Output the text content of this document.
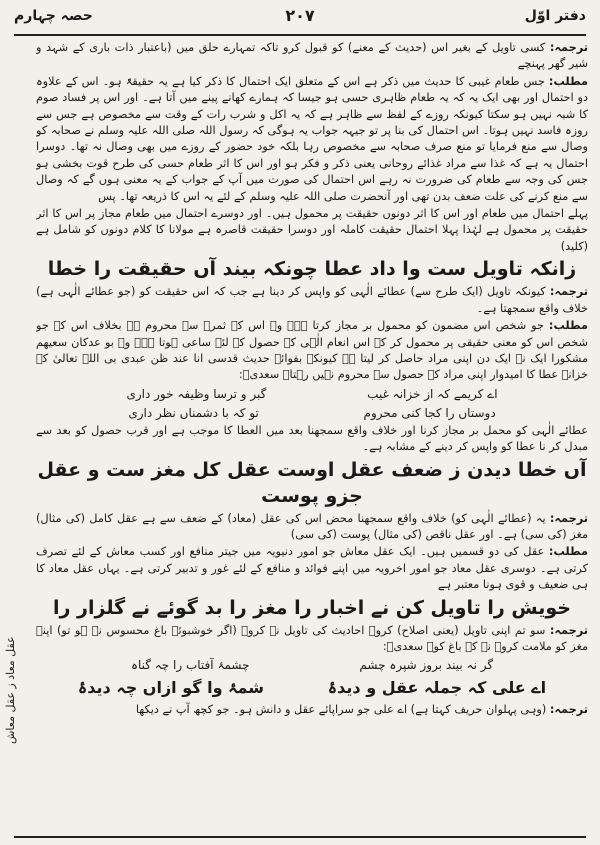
دفتر اوّل
۲۰۷
حصہ چہارم

ترجمہ: کسی تاویل کے بغیر اس (حدیث کے معنے) کو قبول کرو تاکہ تمہارے حلق میں (باعتبار ذات باری کے شہد و شیر گھر پہنچے

مطلب: جس طعام غیبی کا حدیث میں ذکر ہے اس کے متعلق ایک احتمال کا ذکر کیا ہے یہ حقیقۃً ہو۔ اس کے علاوہ دو احتمال اور بھی ایک یہ کہ یہ طعام ظاہری حسی ہو جیسا کہ ہمارے کھانے پینے میں آتا ہے۔ اور اس پر فساد صوم کا شبہ نہیں ہو سکتا کیونکہ روزے کے لفظ سے ظاہر ہے کہ یہ اکل و شرب رات کے وقت سے مخصوص ہے جس سے روزہ فاسد نہیں ہوتا۔ اس احتمال کی بنا پر تو جیہہ جواب یہ ہوگی کہ رسول اللہ صلی اللہ علیہ وسلم نے صحابہ کو وصال سے منع فرمایا تو منع صرف صحابہ سے مخصوص رہا بلکہ خود حضور کے روزے میں بھی وصال نہ تھا۔ دوسرا احتمال یہ ہے کہ غذا سے مراد غذائے روحانی یعنی ذکر و فکر ہو اور اس کا اثر طعام حسی کی طرح قوت بخشی ہو جس کی وجہ سے طعام کی ضرورت نہ رہے اس احتمال کی صورت میں آپ کے جواب کے یہ معنی ہوں گے کہ وصال سے منع کرنے کی علت ضعف بدن تھی اور آنحضرت صلی اللہ علیہ وسلم کے لئے یہ اس کا ذریعہ تھا۔ پس

پہلے احتمال میں طعام اور اس کا اثر دونوں حقیقت پر محمول ہیں۔ اور دوسرے احتمال میں طعام مجاز پر اس کا اثر حقیقت پر محمول ہے لہٰذا پہلا احتمال حقیقت کاملہ اور دوسرا حقیقت قاصرہ ہے مولانا کا کلام دونوں کو شامل ہے (کلید)

زانکہ تاویل ست وا داد عطا چونکہ بیند آں حقیقت را خطا

ترجمہ: کیونکہ تاویل (ایک طرح سے) عطائے الٰہی کو واپس کر دینا ہے جب کہ اس حقیقت کو (جو عطائے الٰہی ہے) خلاف واقع سمجھتا ہے۔

مطلب: جو شخص اس مضمون کو محمول بر مجاز کرتا ہے۔ وہ اس کے ثمرہ سے محروم ہے بخلاف اس کے جو شخص اس کو معنی حقیقی پر محمول کر کے اس انعام الٰہی کے حصول کے لئے ساعی ہوتا ہے۔ وہ بو عدکان سعیھم مشکورا ایک نہ ایک دن اپنی مراد حاصل کر لیتا ہے کیونکہ بفوائے حدیث قدسی انا عند ظن عبدی بی اللہ تعالیٰ کے خزانہ عطا کا امیدوار اپنی مراد کے حصول سے محروم نہیں رہتا۔ سعدیؒ:

اے کریمے کہ از خزانہ غیب
گبر و ترسا وظیفہ خور داری
دوستاں را کجا کنی محروم
تو کہ با دشمناں نظر داری

عطائے الٰہی کو محمل بر مجاز کرنا اور خلاف واقع سمجھنا بعد میں العطا کا موجب ہے اور قرب حصول کو بعد سے مبدل کر نا عطا کو واپس کر دینے کے مشابہ ہے۔

آں خطا دیدن ز ضعف عقل اوست عقل کل مغز ست و عقل جزو پوست

ترجمہ: یہ (عطائے الٰہی کو) خلاف واقع سمجھنا محض اس کی عقل (معاد) کے ضعف سے ہے عقل کامل (کی مثال) مغز (کی سی) ہے۔ اور عقل ناقص (کی مثال) پوست (کی سی)

مطلب: عقل کی دو قسمیں ہیں۔ ایک عقل معاش جو امور دنیویہ میں جیتر منافع اور کسب معاش کے لئے تصرف کرتی ہے۔ دوسری عقل معاد جو امور اخرویہ میں اپنے فوائد و منافع کے لئے غور و تدبیر کرتی ہے۔ یہاں عقل معاد کا ہی ضعیف و قوی ہونا معتبر ہے

خویش را تاویل کن نے اخبار را مغز را بد گوئے نے گلزار را

ترجمہ: سو تم اپنی تاویل (یعنی اصلاح) کرو۔ احادیث کی تاویل نہ کرو۔ (اگر خوشبوئے باغ محسوس نہ ہو تو) اپنے مغز کو ملامت کرو۔ نہ کہ باغ کو۔ سعدیؒ:

گر نہ بیند بروز شپرہ چشم
چشمۂ آفتاب را چہ گناہ
اے علی کہ جملہ عقل و دیدۂ
شمۂ وا گو ازاں چہ دیدۂ

ترجمہ: (وہی پہلوان حریف کہتا ہے) اے علی جو سراپائے عقل و دانش ہو۔ جو کچھ آپ نے دیکھا

عقل معاد ز عقل معاش
